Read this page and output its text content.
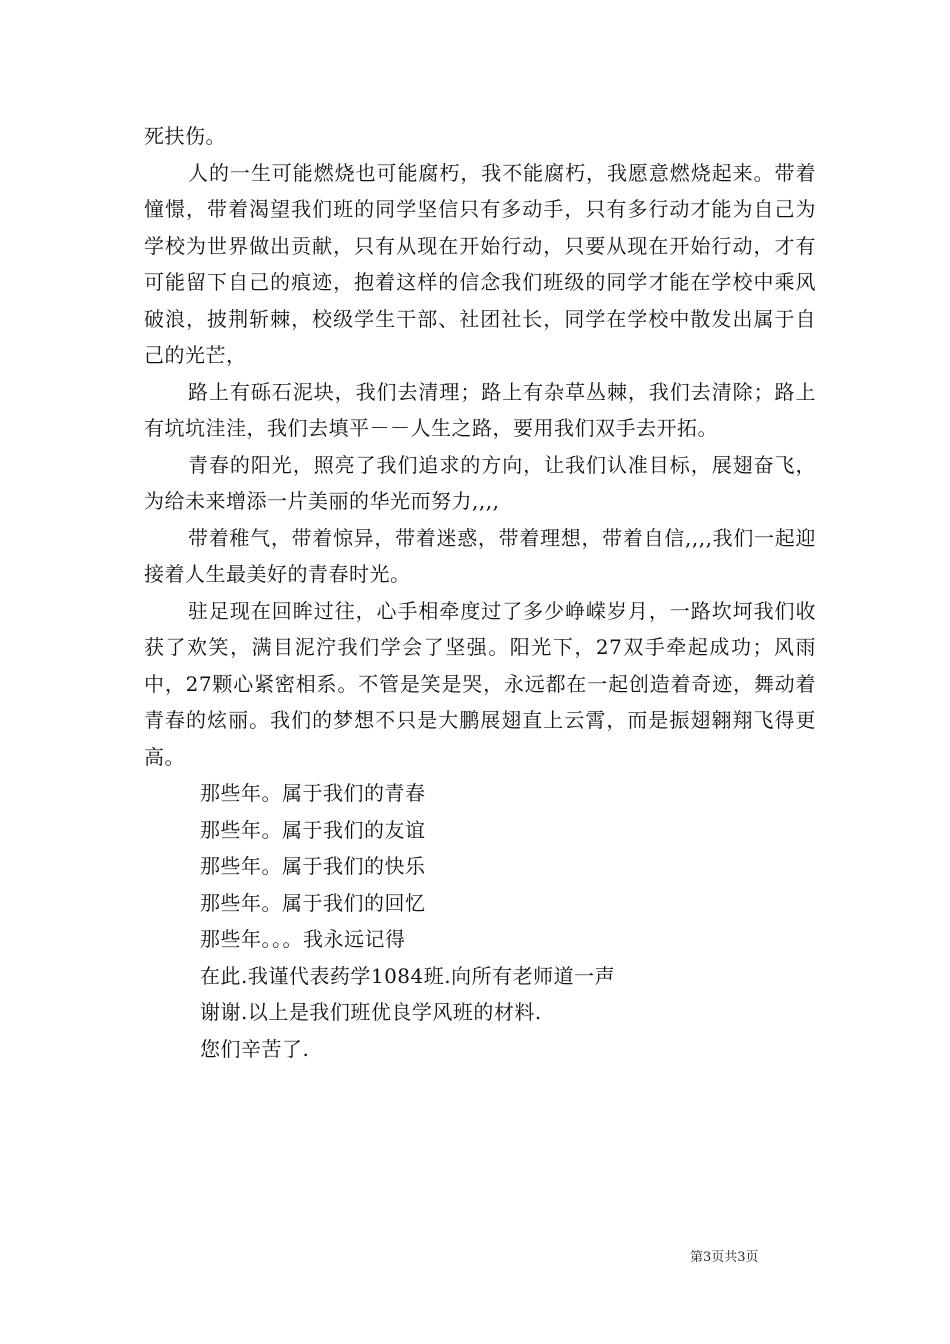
死扶伤。

人的一生可能燃烧也可能腐朽，我不能腐朽，我愿意燃烧起来。带着憧憬，带着渴望我们班的同学坚信只有多动手，只有多行动才能为自己为学校为世界做出贡献，只有从现在开始行动，只要从现在开始行动，才有可能留下自己的痕迹，抱着这样的信念我们班级的同学才能在学校中乘风破浪，披荆斩棘，校级学生干部、社团社长，同学在学校中散发出属于自己的光芒，

路上有砾石泥块，我们去清理；路上有杂草丛棘，我们去清除；路上有坑坑洼洼，我们去填平－－人生之路，要用我们双手去开拓。

青春的阳光，照亮了我们追求的方向，让我们认准目标，展翅奋飞，为给未来增添一片美丽的华光而努力,,,,

带着稚气，带着惊异，带着迷惑，带着理想，带着自信,,,,我们一起迎接着人生最美好的青春时光。

驻足现在回眸过往，心手相牵度过了多少峥嵘岁月，一路坎坷我们收获了欢笑，满目泥泞我们学会了坚强。阳光下，27双手牵起成功；风雨中，27颗心紧密相系。不管是笑是哭，永远都在一起创造着奇迹，舞动着青春的炫丽。我们的梦想不只是大鹏展翅直上云霄，而是振翅翱翔飞得更高。

那些年。属于我们的青春

那些年。属于我们的友谊

那些年。属于我们的快乐

那些年。属于我们的回忆

那些年。。。我永远记得

在此.我谨代表药学1084班.向所有老师道一声

谢谢.以上是我们班优良学风班的材料.

您们辛苦了.

第3页共3页
